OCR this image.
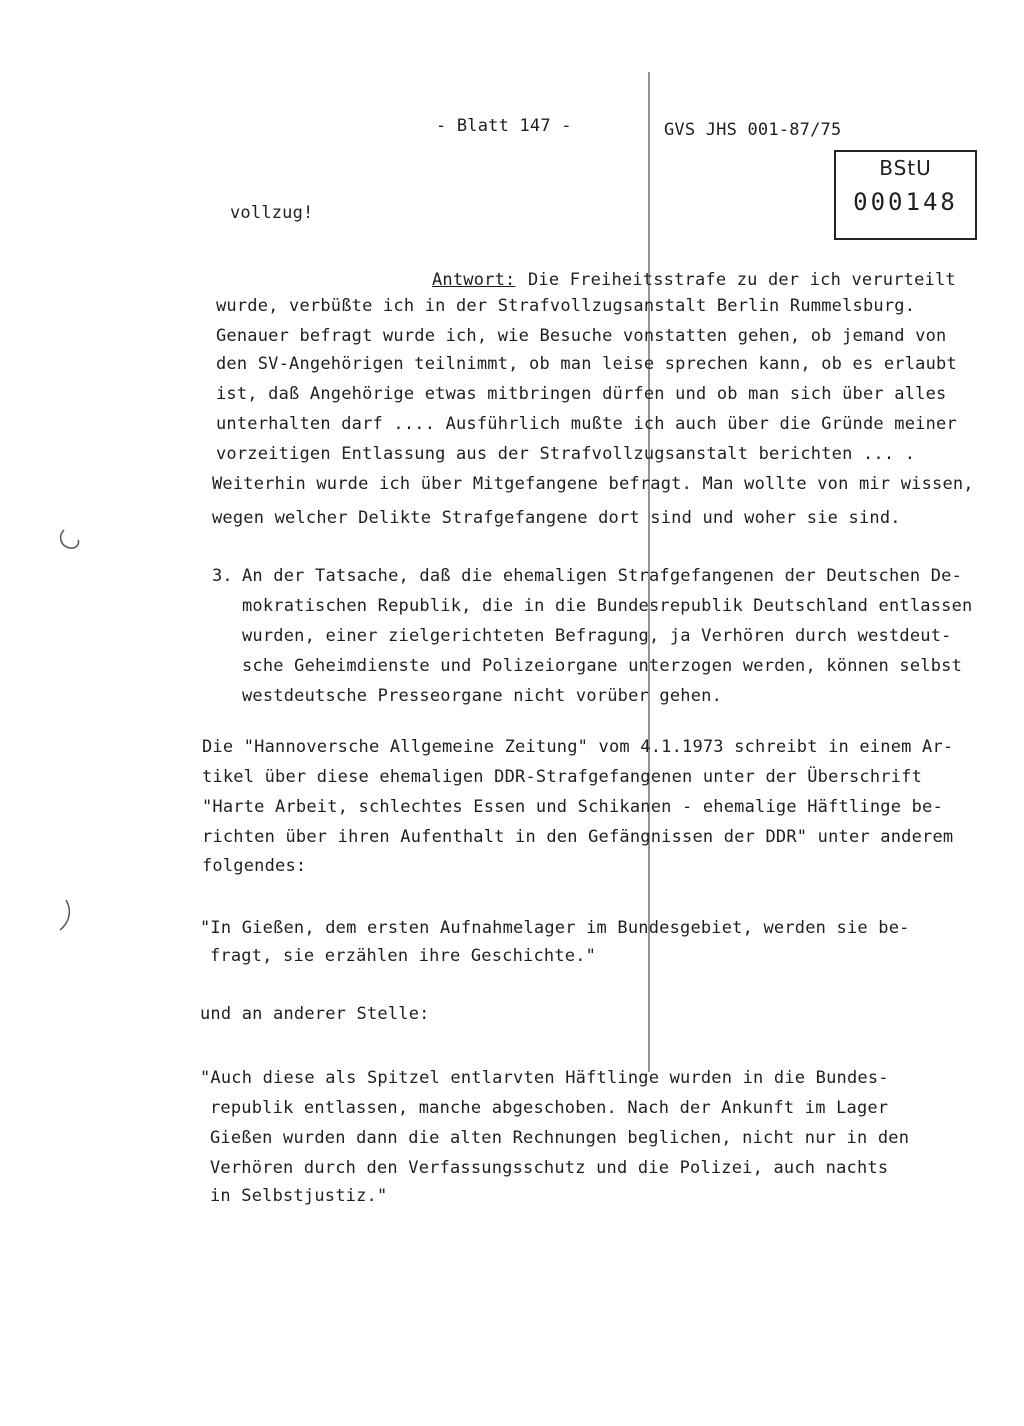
- Blatt 147 -	GVS JHS 001-87/75
BStU
000148
vollzug!
Antwort: Die Freiheitsstrafe zu der ich verurteilt
wurde, verbüßte ich in der Strafvollzugsanstalt Berlin Rummelsburg.
Genauer befragt wurde ich, wie Besuche vonstatten gehen, ob jemand von
den SV-Angehörigen teilnimmt, ob man leise sprechen kann, ob es erlaubt
ist, daß Angehörige etwas mitbringen dürfen und ob man sich über alles
unterhalten darf .... Ausführlich mußte ich auch über die Gründe meiner
vorzeitigen Entlassung aus der Strafvollzugsanstalt berichten ... .
Weiterhin wurde ich über Mitgefangene befragt. Man wollte von mir wissen,
wegen welcher Delikte Strafgefangene dort sind und woher sie sind.
3. An der Tatsache, daß die ehemaligen Strafgefangenen der Deutschen De-
mokratischen Republik, die in die Bundesrepublik Deutschland entlassen
wurden, einer zielgerichteten Befragung, ja Verhören durch westdeut-
sche Geheimdienste und Polizeiorgane unterzogen werden, können selbst
westdeutsche Presseorgane nicht vorüber gehen.
Die "Hannoversche Allgemeine Zeitung" vom 4.1.1973 schreibt in einem Ar-
tikel über diese ehemaligen DDR-Strafgefangenen unter der Überschrift
"Harte Arbeit, schlechtes Essen und Schikanen - ehemalige Häftlinge be-
richten über ihren Aufenthalt in den Gefängnissen der DDR" unter anderem
folgendes:
"In Gießen, dem ersten Aufnahmelager im Bundesgebiet, werden sie be-
fragt, sie erzählen ihre Geschichte."
und an anderer Stelle:
"Auch diese als Spitzel entlarvten Häftlinge wurden in die Bundes-
republik entlassen, manche abgeschoben. Nach der Ankunft im Lager
Gießen wurden dann die alten Rechnungen beglichen, nicht nur in den
Verhören durch den Verfassungsschutz und die Polizei, auch nachts
in Selbstjustiz."
